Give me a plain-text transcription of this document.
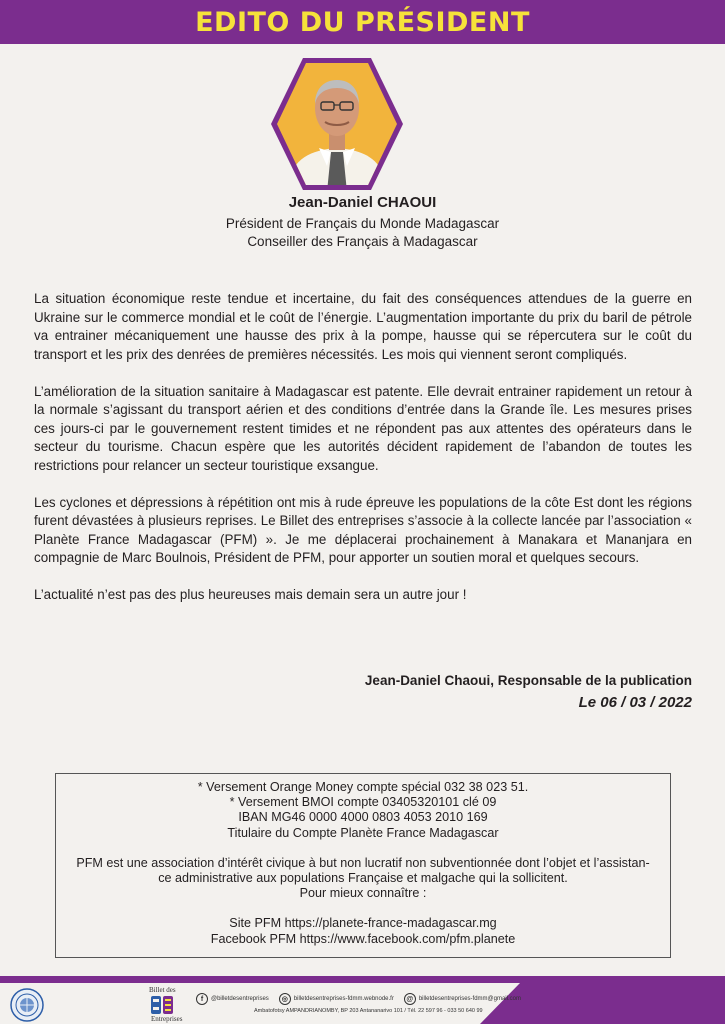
EDITO DU PRÉSIDENT
Jean-Daniel CHAOUI
Président de Français du Monde Madagascar
Conseiller des Français à Madagascar

La situation économique reste tendue et incertaine, du fait des conséquences attendues de la guerre en Ukraine sur le commerce mondial et le coût de l’énergie. L’augmentation importante du prix du baril de pétrole va entrainer mécaniquement une hausse des prix à la pompe, hausse qui se répercutera sur le coût du transport et les prix des denrées de premières nécessités. Les mois qui viennent seront compliqués.

L’amélioration de la situation sanitaire à Madagascar est patente. Elle devrait entrainer rapidement un retour à la normale s’agissant du transport aérien et des conditions d’entrée dans la Grande île. Les mesures prises ces jours-ci par le gouvernement restent timides et ne répondent pas aux attentes des opérateurs dans le secteur du tourisme. Chacun espère que les autorités décident rapidement de l’abandon de toutes les restrictions pour relancer un secteur touristique exsangue.

Les cyclones et dépressions à répétition ont mis à rude épreuve les populations de la côte Est dont les régions furent dévastées à plusieurs reprises. Le Billet des entreprises s’associe à la collecte lancée par l’association « Planète France Madagascar (PFM) ». Je me déplacerai prochainement à Manakara et Mananjara en compagnie de Marc Boulnois, Président de PFM, pour apporter un soutien moral et quelques secours.

L’actualité n’est pas des plus heureuses mais demain sera un autre jour !

Jean-Daniel Chaoui, Responsable de la publication
Le 06 / 03 / 2022
* Versement Orange Money compte spécial 032 38 023 51.
* Versement BMOI compte 03405320101 clé 09
IBAN MG46 0000 4000 0803 4053 2010 169
Titulaire du Compte Planète France Madagascar
PFM est une association d’intérêt civique à but non lucratif non subventionnée dont l’objet et l’assistan-
ce administrative aux populations Française et malgache qui la sollicitent.
Pour mieux connaître :
Site PFM https://planete-france-madagascar.mg
Facebook PFM https://www.facebook.com/pfm.planete
Billet des
Entreprises
f	@billetdesentreprises	◎ billetdesentreprises-fdmm.webnode.fr	@ billetdesentreprises-fdmm@gmail.com
Ambatofotsy AMPANDRIANOMBY, BP 203 Antananarivo 101 / Tél. 22 597 96 - 033 50 640 99
